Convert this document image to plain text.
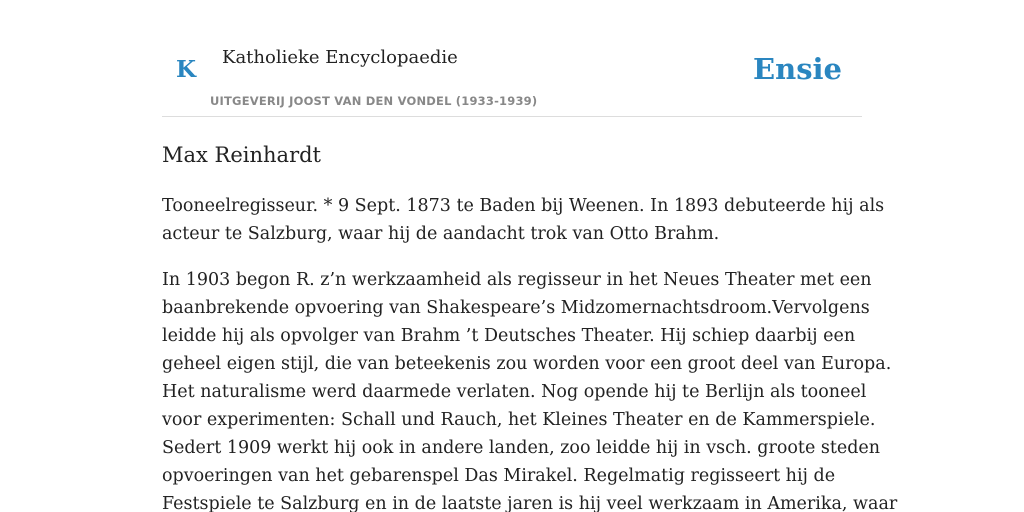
K Katholieke Encyclopaedie
UITGEVERIJ JOOST VAN DEN VONDEL (1933-1939)
Ensie
Max Reinhardt

Tooneelregisseur. * 9 Sept. 1873 te Baden bij Weenen. In 1893 debuteerde hij als
acteur te Salzburg, waar hij de aandacht trok van Otto Brahm.

In 1903 begon R. z’n werkzaamheid als regisseur in het Neues Theater met een
baanbrekende opvoering van Shakespeare’s Midzomernachtsdroom.Vervolgens
leidde hij als opvolger van Brahm ’t Deutsches Theater. Hij schiep daarbij een
geheel eigen stijl, die van beteekenis zou worden voor een groot deel van Europa.
Het naturalisme werd daarmede verlaten. Nog opende hij te Berlijn als tooneel
voor experimenten: Schall und Rauch, het Kleines Theater en de Kammerspiele.
Sedert 1909 werkt hij ook in andere landen, zoo leidde hij in vsch. groote steden
opvoeringen van het gebarenspel Das Mirakel. Regelmatig regisseert hij de
Festspiele te Salzburg en in de laatste jaren is hij veel werkzaam in Amerika, waar
